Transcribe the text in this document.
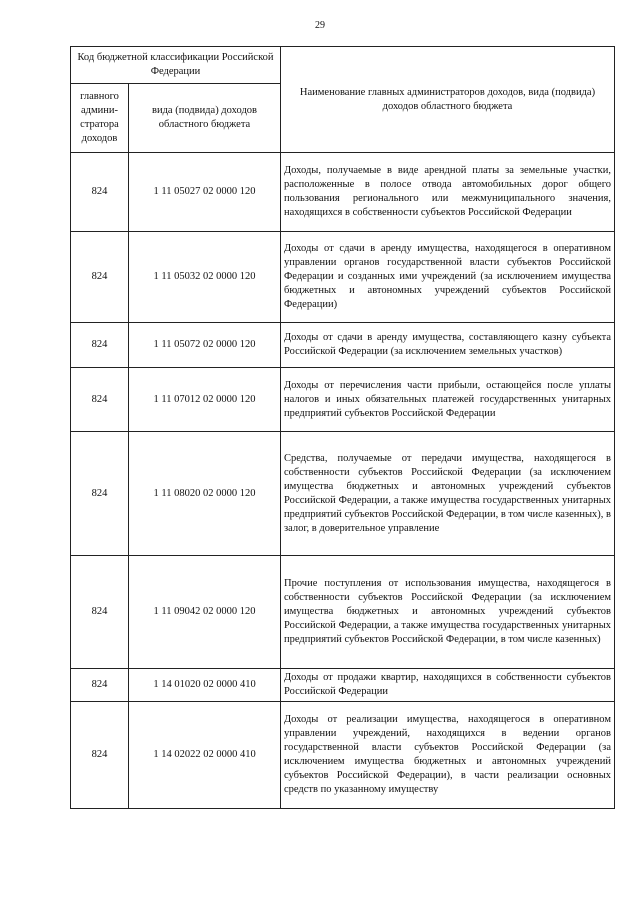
29
Код бюджетной классификации Российской Федерации		Наименование главных администраторов доходов, вида (подвида) доходов областного бюджета
главного админи-стратора доходов	вида (подвида) доходов областного бюджета	
824	1 11 05027 02 0000 120	Доходы, получаемые в виде арендной платы за земельные участки, расположенные в полосе отвода автомобильных дорог общего пользования регионального или межмуниципального значения, находящихся в собственности субъектов Российской Федерации
824	1 11 05032 02 0000 120	Доходы от сдачи в аренду имущества, находящегося в оперативном управлении органов государственной власти субъектов Российской Федерации и созданных ими учреждений (за исключением имущества бюджетных и автономных учреждений субъектов Российской Федерации)
824	1 11 05072 02 0000 120	Доходы от сдачи в аренду имущества, составляющего казну субъекта Российской Федерации (за исключением земельных участков)
824	1 11 07012 02 0000 120	Доходы от перечисления части прибыли, остающейся после уплаты налогов и иных обязательных платежей государственных унитарных предприятий субъектов Российской Федерации
824	1 11 08020 02 0000 120	Средства, получаемые от передачи имущества, находящегося в собственности субъектов Российской Федерации (за исключением имущества бюджетных и автономных учреждений субъектов Российской Федерации, а также имущества государственных унитарных предприятий субъектов Российской Федерации, в том числе казенных), в залог, в доверительное управление
824	1 11 09042 02 0000 120	Прочие поступления от использования имущества, находящегося в собственности субъектов Российской Федерации (за исключением имущества бюджетных и автономных учреждений субъектов Российской Федерации, а также имущества государственных унитарных предприятий субъектов Российской Федерации, в том числе казенных)
824	1 14 01020 02 0000 410	Доходы от продажи квартир, находящихся в собственности субъектов Российской Федерации
824	1 14 02022 02 0000 410	Доходы от реализации имущества, находящегося в оперативном управлении учреждений, находящихся в ведении органов государственной власти субъектов Российской Федерации (за исключением имущества бюджетных и автономных учреждений субъектов Российской Федерации), в части реализации основных средств по указанному имуществу
